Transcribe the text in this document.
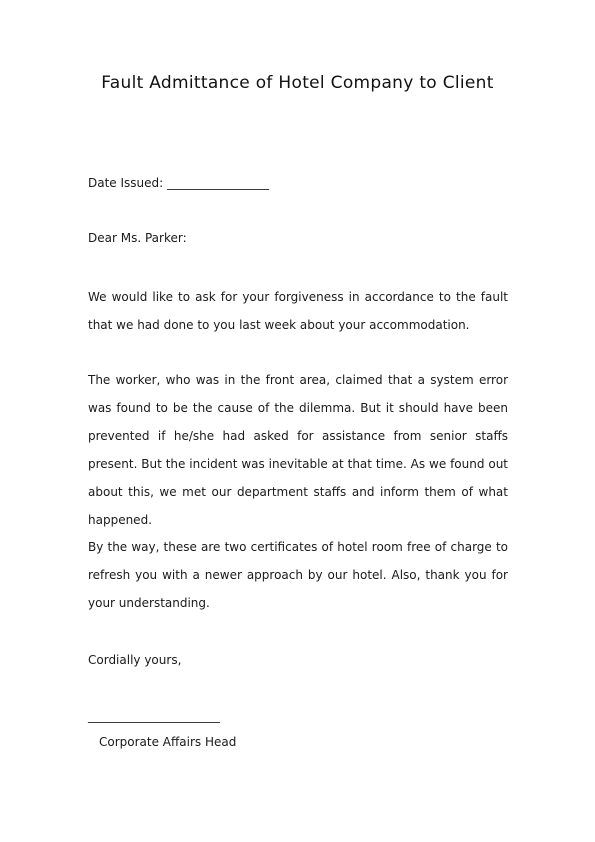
Fault Admittance of Hotel Company to Client

Date Issued: _________________

Dear Ms. Parker:

We would like to ask for your forgiveness in accordance to the fault that we had done to you last week about your accommodation.

The worker, who was in the front area, claimed that a system error was found to be the cause of the dilemma. But it should have been prevented if he/she had asked for assistance from senior staffs present. But the incident was inevitable at that time. As we found out about this, we met our department staffs and inform them of what happened.

By the way, these are two certificates of hotel room free of charge to refresh you with a newer approach by our hotel. Also, thank you for your understanding.

Cordially yours,

______________________
Corporate Affairs Head
